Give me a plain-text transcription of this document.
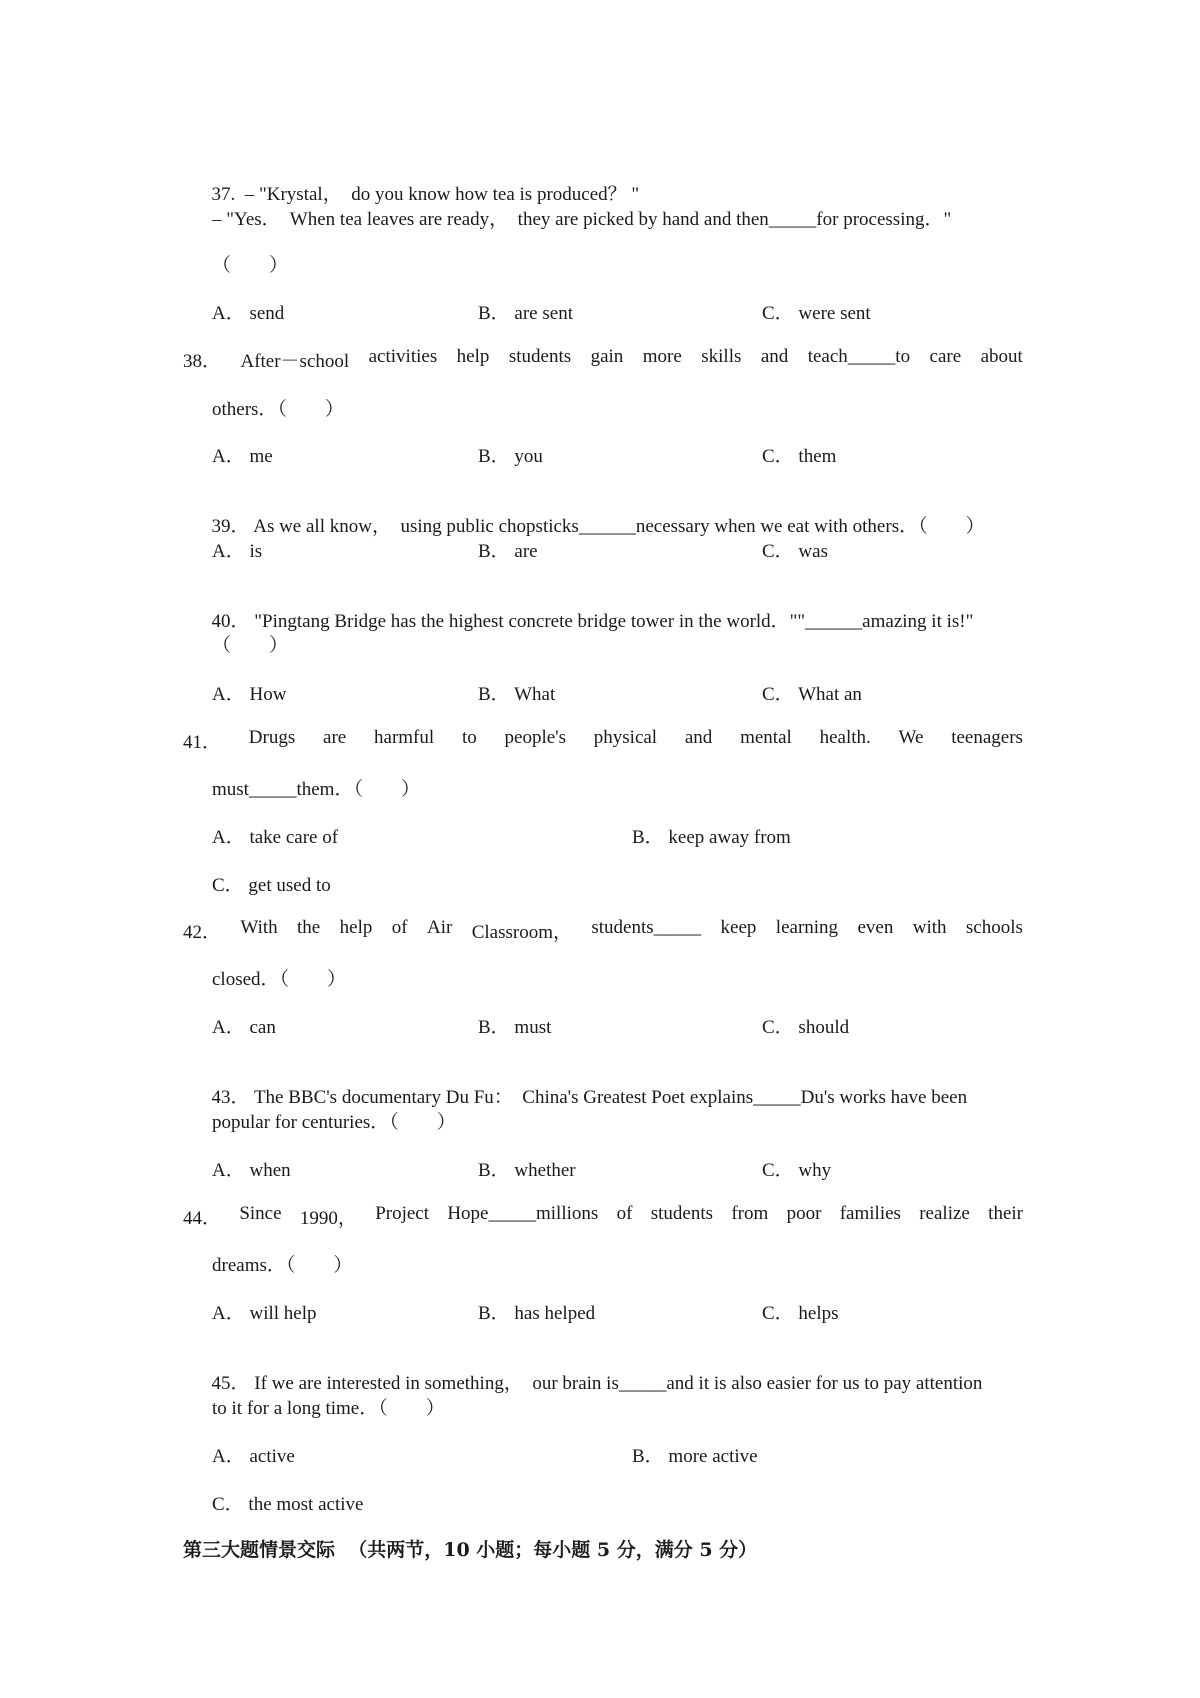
37. – "Krystal，  do you know how tea is produced？ "

– "Yes．  When tea leaves are ready，  they are picked by hand and then_____for processing．"
（        ）
A． send	B． are sent	C． were sent
38． After－school activities help students gain more skills and teach_____to care about
others．（        ）
A． me	B． you	C． them

39． As we all know，  using public chopsticks______necessary when we eat with others．（        ）

A． is	B． are	C． was

40． "Pingtang Bridge has the highest concrete bridge tower in the world．""______amazing it is!"

（        ）
A． How	B． What	C． What an
41． Drugs are harmful to people's physical and mental health. We teenagers
must_____them．（        ）
A． take care of	B． keep away from
C． get used to
42． With the help of Air Classroom， students_____ keep learning even with schools
closed．（        ）
A． can	B． must	C． should

43． The BBC's documentary Du Fu：  China's Greatest Poet explains_____Du's works have been

popular for centuries．（        ）
A． when	B． whether	C． why
44． Since 1990， Project Hope_____millions of students from poor families realize their
dreams．（        ）
A． will help	B． has helped	C． helps

45． If we are interested in something，  our brain is_____and it is also easier for us to pay attention

to it for a long time．（        ）
A． active	B． more active
C． the most active
第三大题情景交际  （共两节，10 小题；每小题 5 分，满分 5 分）
